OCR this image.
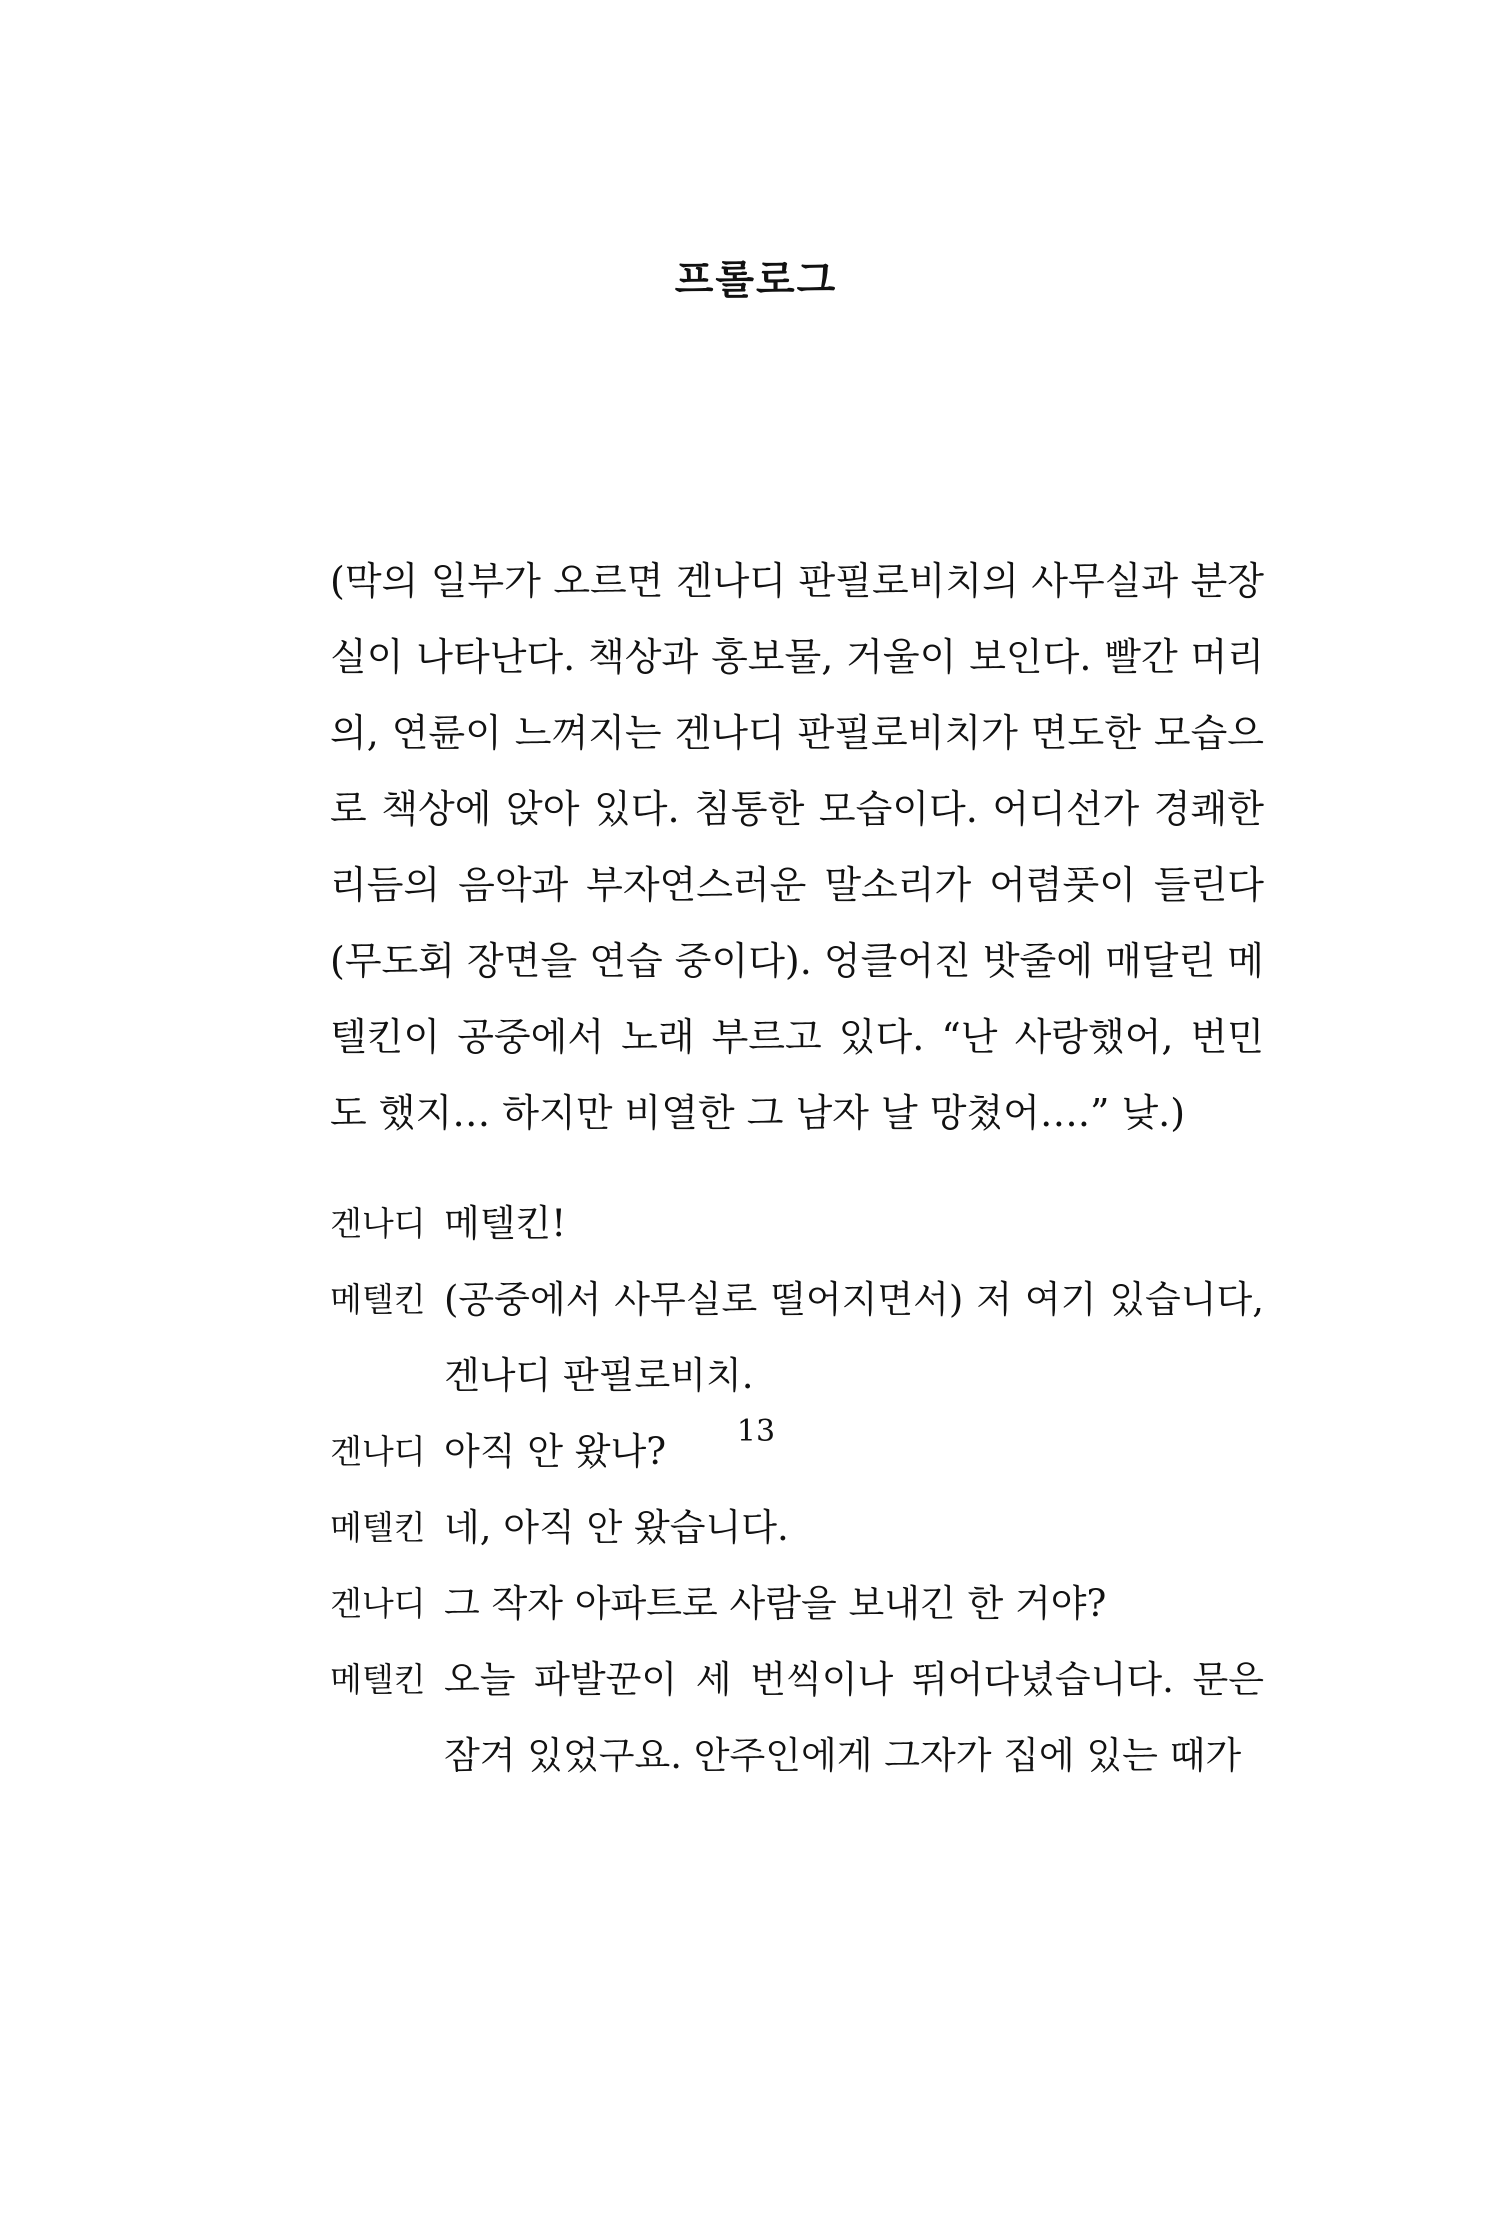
프롤로그

(막의 일부가 오르면 겐나디 판필로비치의 사무실과 분장실이 나타난다. 책상과 홍보물, 거울이 보인다. 빨간 머리의, 연륜이 느껴지는 겐나디 판필로비치가 면도한 모습으로 책상에 앉아 있다. 침통한 모습이다. 어디선가 경쾌한 리듬의 음악과 부자연스러운 말소리가 어렴풋이 들린다(무도회 장면을 연습 중이다). 엉클어진 밧줄에 매달린 메텔킨이 공중에서 노래 부르고 있다. “난 사랑했어, 번민도 했지… 하지만 비열한 그 남자 날 망쳤어….” 낮.)

겐나디 메텔킨!
메텔킨 (공중에서 사무실로 떨어지면서) 저 여기 있습니다, 겐나디 판필로비치.
겐나디 아직 안 왔나?
메텔킨 네, 아직 안 왔습니다.
겐나디 그 작자 아파트로 사람을 보내긴 한 거야?
메텔킨 오늘 파발꾼이 세 번씩이나 뛰어다녔습니다. 문은 잠겨 있었구요. 안주인에게 그자가 집에 있는 때가
13
